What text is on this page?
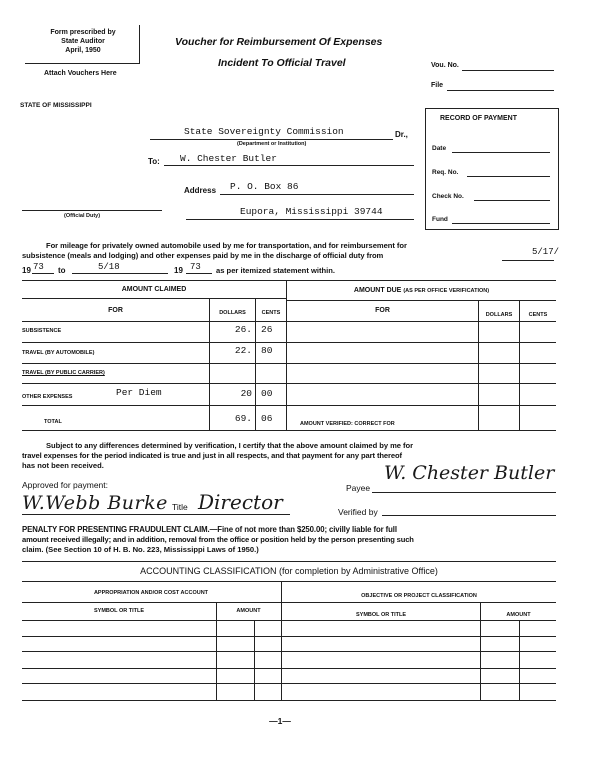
Form prescribed by
State Auditor
April, 1950
Attach Vouchers Here
Voucher for Reimbursement Of Expenses
Incident To Official Travel	Vou. No.
File
STATE OF MISSISSIPPI
State Sovereignty Commission	Dr.,
(Department or Institution)
To: W. Chester Butler
Address P. O. Box 86
Eupora, Mississippi 39744
(Official Duty)
RECORD OF PAYMENT
Date
Req. No.
Check No.
Fund
For mileage for privately owned automobile used by me for transportation, and for reimbursement for
subsistence (meals and lodging) and other expenses paid by me in the discharge of official duty from	5/17/
19 73 to	5/18	19 73 as per itemized statement within.
AMOUNT CLAIMED	AMOUNT DUE (AS PER OFFICE VERIFICATION)
FOR	DOLLARS	CENTS	FOR
DOLLARS	CENTS
SUBSISTENCE	26. 26
TRAVEL (BY AUTOMOBILE)	22. 80
TRAVEL (BY PUBLIC CARRIER)
OTHER EXPENSES	Per Diem	20 00
TOTAL	69. 06	AMOUNT VERIFIED: CORRECT FOR
Subject to any differences determined by verification, I certify that the above amount claimed by me for
travel expenses for the period indicated is true and just in all respects, and that payment for any part thereof
has not been received.
Approved for payment:
W.Webb Burke Title Director
Payee
W. Chester Butler
Verified by
PENALTY FOR PRESENTING FRAUDULENT CLAIM.—Fine of not more than $250.00; civilly liable for full
amount received illegally; and in addition, removal from the office or position held by the person presenting such
claim. (See Section 10 of H. B. No. 223, Mississippi Laws of 1950.)
ACCOUNTING CLASSIFICATION (for completion by Administrative Office)
APPROPRIATION AND/OR COST ACCOUNT	OBJECTIVE OR PROJECT CLASSIFICATION
SYMBOL OR TITLE	AMOUNT
SYMBOL OR TITLE	AMOUNT
—1—
